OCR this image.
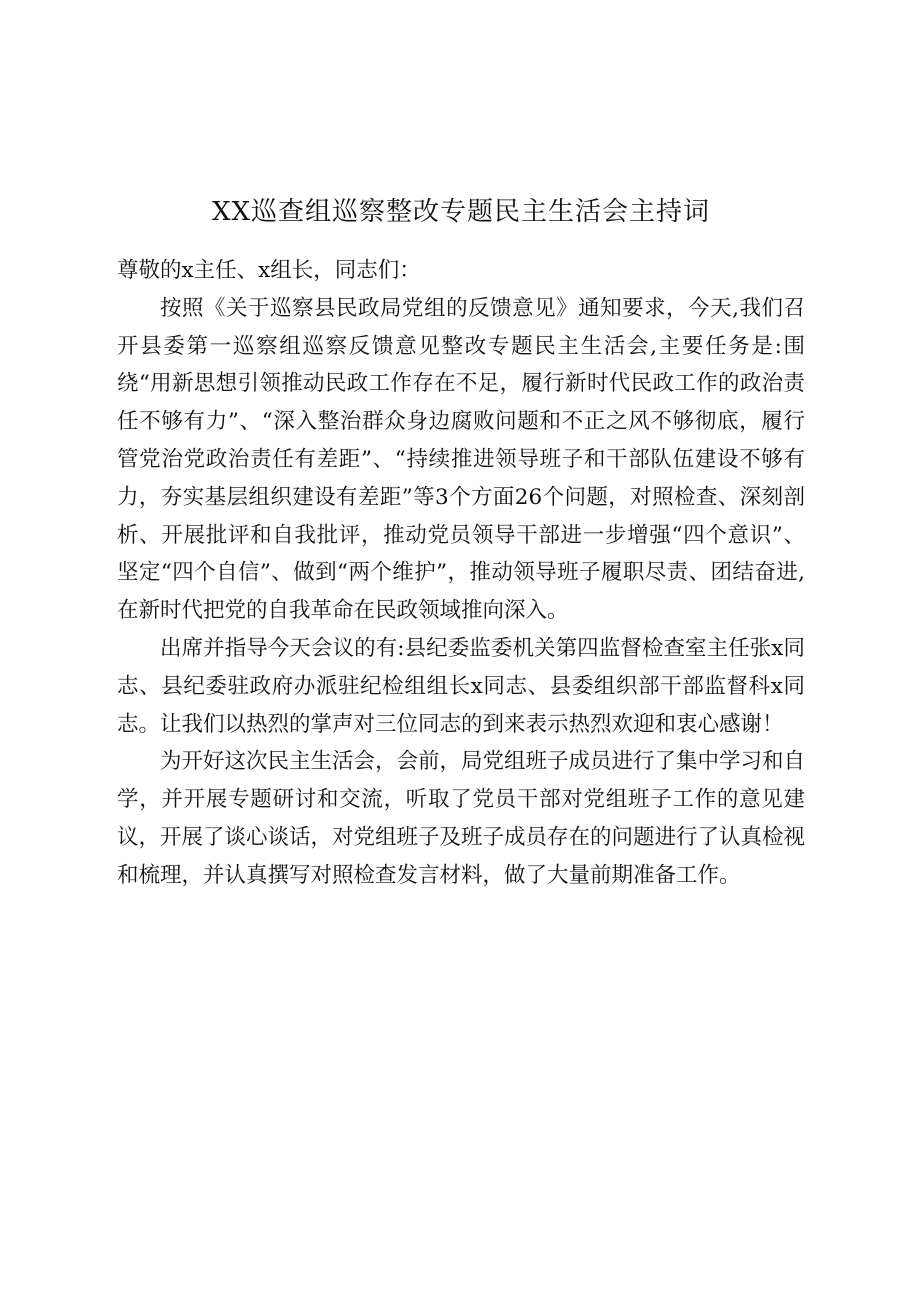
XX巡查组巡察整改专题民主生活会主持词

尊敬的x主任、x组长，同志们：

按照《关于巡察县民政局党组的反馈意见》通知要求，今天,我们召开县委第一巡察组巡察反馈意见整改专题民主生活会,主要任务是:围绕“用新思想引领推动民政工作存在不足，履行新时代民政工作的政治责任不够有力”、“深入整治群众身边腐败问题和不正之风不够彻底，履行管党治党政治责任有差距”、“持续推进领导班子和干部队伍建设不够有力，夯实基层组织建设有差距”等3个方面26个问题，对照检查、深刻剖析、开展批评和自我批评，推动党员领导干部进一步增强“四个意识”、坚定“四个自信”、做到“两个维护”，推动领导班子履职尽责、团结奋进,在新时代把党的自我革命在民政领域推向深入。

出席并指导今天会议的有:县纪委监委机关第四监督检查室主任张x同志、县纪委驻政府办派驻纪检组组长x同志、县委组织部干部监督科x同志。让我们以热烈的掌声对三位同志的到来表示热烈欢迎和衷心感谢！

为开好这次民主生活会，会前，局党组班子成员进行了集中学习和自学，并开展专题研讨和交流，听取了党员干部对党组班子工作的意见建议，开展了谈心谈话，对党组班子及班子成员存在的问题进行了认真检视和梳理，并认真撰写对照检查发言材料，做了大量前期准备工作。
